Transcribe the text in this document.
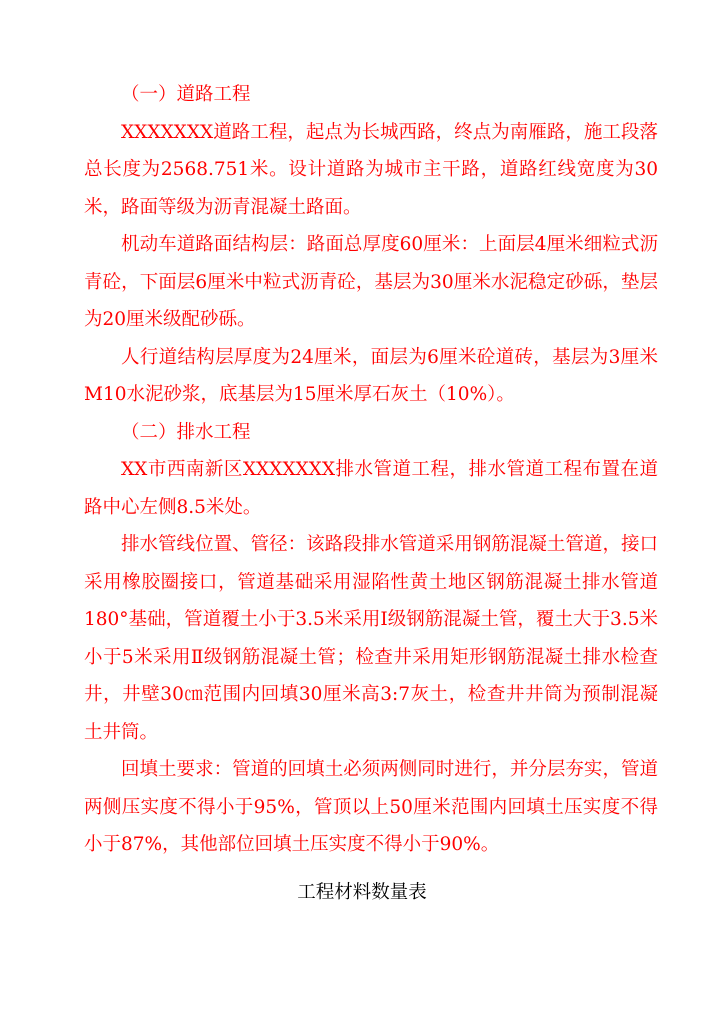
（一）道路工程

XXXXXXX道路工程，起点为长城西路，终点为南雁路，施工段落总长度为2568.751米。设计道路为城市主干路，道路红线宽度为30米，路面等级为沥青混凝土路面。

机动车道路面结构层：路面总厚度60厘米：上面层4厘米细粒式沥青砼，下面层6厘米中粒式沥青砼，基层为30厘米水泥稳定砂砾，垫层为20厘米级配砂砾。

人行道结构层厚度为24厘米，面层为6厘米砼道砖，基层为3厘米M10水泥砂浆，底基层为15厘米厚石灰土（10%）。

（二）排水工程

XX市西南新区XXXXXXX排水管道工程，排水管道工程布置在道路中心左侧8.5米处。

排水管线位置、管径：该路段排水管道采用钢筋混凝土管道，接口采用橡胶圈接口，管道基础采用湿陷性黄土地区钢筋混凝土排水管道180°基础，管道覆土小于3.5米采用Ⅰ级钢筋混凝土管，覆土大于3.5米小于5米采用Ⅱ级钢筋混凝土管；检查井采用矩形钢筋混凝土排水检查井，井壁30㎝范围内回填30厘米高3:7灰土，检查井井筒为预制混凝土井筒。

回填土要求：管道的回填土必须两侧同时进行，并分层夯实，管道两侧压实度不得小于95%，管顶以上50厘米范围内回填土压实度不得小于87%，其他部位回填土压实度不得小于90%。

工程材料数量表
